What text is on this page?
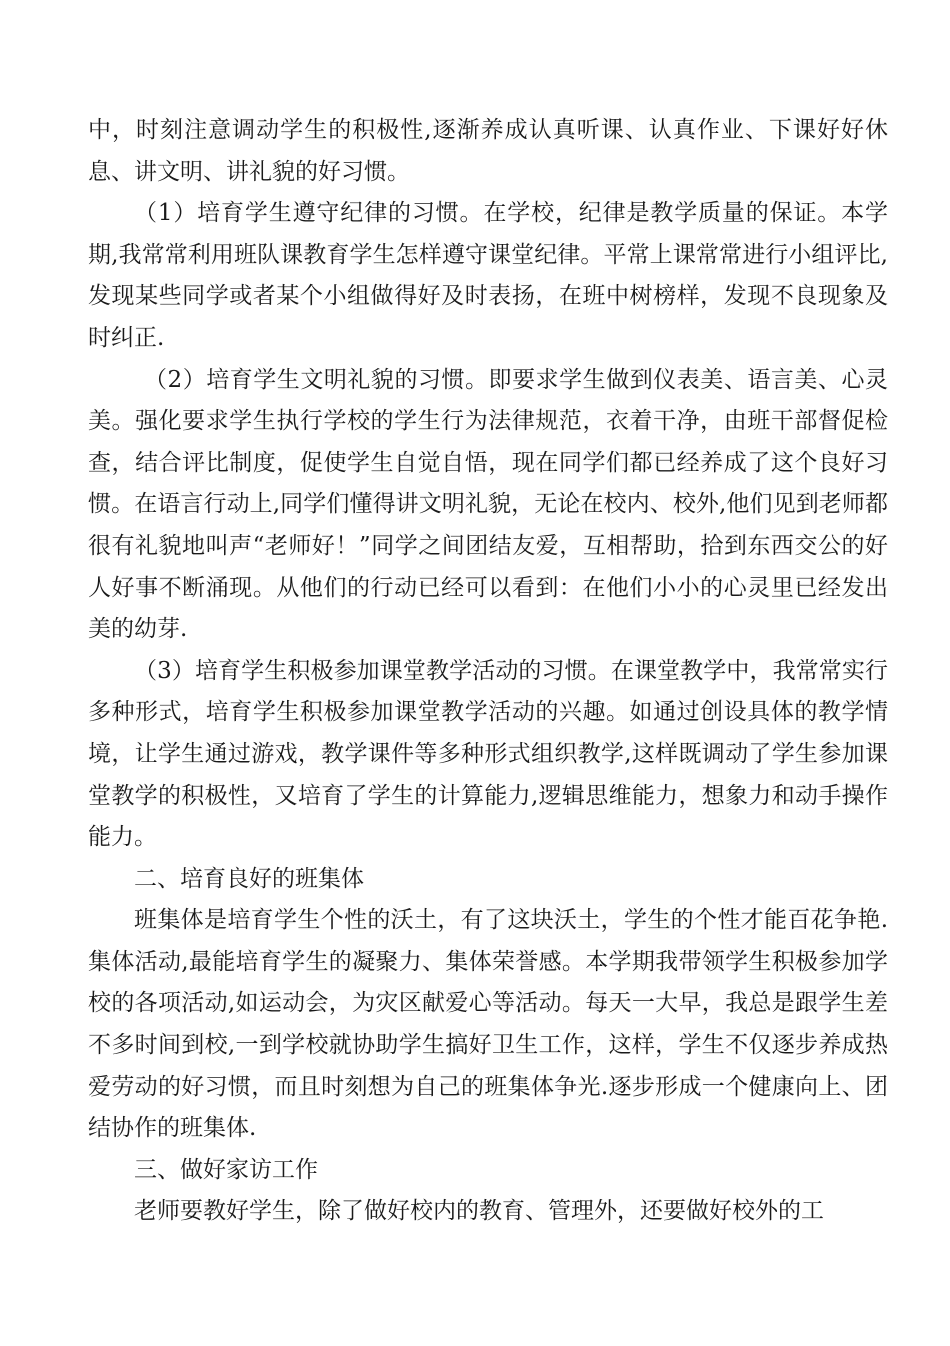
中，时刻注意调动学生的积极性,逐渐养成认真听课、认真作业、下课好好休息、讲文明、讲礼貌的好习惯。

（1）培育学生遵守纪律的习惯。在学校，纪律是教学质量的保证。本学期,我常常利用班队课教育学生怎样遵守课堂纪律。平常上课常常进行小组评比,发现某些同学或者某个小组做得好及时表扬，在班中树榜样，发现不良现象及时纠正.

（2）培育学生文明礼貌的习惯。即要求学生做到仪表美、语言美、心灵美。强化要求学生执行学校的学生行为法律规范，衣着干净，由班干部督促检查，结合评比制度，促使学生自觉自悟，现在同学们都已经养成了这个良好习惯。在语言行动上,同学们懂得讲文明礼貌，无论在校内、校外,他们见到老师都很有礼貌地叫声“老师好！”同学之间团结友爱，互相帮助，拾到东西交公的好人好事不断涌现。从他们的行动已经可以看到：在他们小小的心灵里已经发出美的幼芽.

（3）培育学生积极参加课堂教学活动的习惯。在课堂教学中，我常常实行多种形式，培育学生积极参加课堂教学活动的兴趣。如通过创设具体的教学情境，让学生通过游戏，教学课件等多种形式组织教学,这样既调动了学生参加课堂教学的积极性，又培育了学生的计算能力,逻辑思维能力，想象力和动手操作能力。

二、培育良好的班集体

班集体是培育学生个性的沃土，有了这块沃土，学生的个性才能百花争艳.集体活动,最能培育学生的凝聚力、集体荣誉感。本学期我带领学生积极参加学校的各项活动,如运动会，为灾区献爱心等活动。每天一大早，我总是跟学生差不多时间到校,一到学校就协助学生搞好卫生工作，这样，学生不仅逐步养成热爱劳动的好习惯，而且时刻想为自己的班集体争光.逐步形成一个健康向上、团结协作的班集体.

三、做好家访工作

老师要教好学生，除了做好校内的教育、管理外，还要做好校外的工
